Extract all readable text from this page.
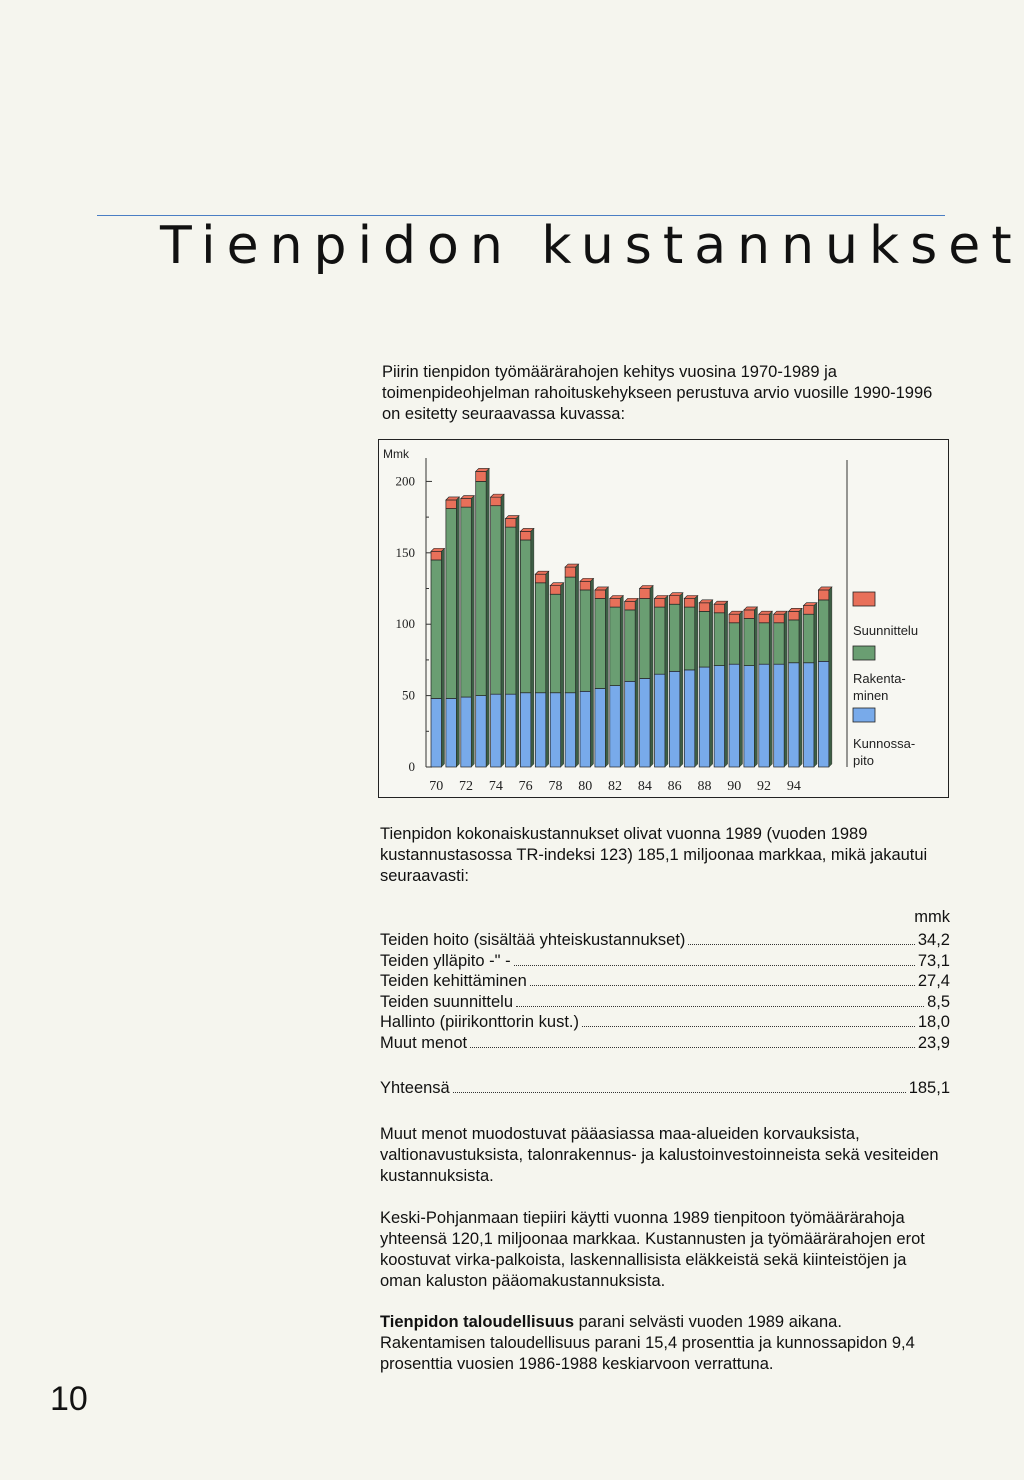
Tienpidon kustannukset

Piirin tienpidon työmäärärahojen kehitys vuosina 1970-1989 ja toimenpideohjelman rahoituskehykseen perustuva arvio vuosille 1990-1996 on esitetty seuraavassa kuvassa:

Mmk
0
50
100
150
200
70 72 74 76 78 80 82 84 86 88 90 92 94
Suunnittelu
Rakenta-
minen
Kunnossa-
pito

Tienpidon kokonaiskustannukset olivat vuonna 1989 (vuoden 1989 kustannustasossa TR-indeksi 123) 185,1 miljoonaa markkaa, mikä jakautui seuraavasti:

mmk
Teiden hoito (sisältää yhteiskustannukset)	34,2
Teiden ylläpito -" -	73,1
Teiden kehittäminen	27,4
Teiden suunnittelu	8,5
Hallinto (piirikonttorin kust.)	18,0
Muut menot	23,9
Yhteensä	185,1

Muut menot muodostuvat pääasiassa maa-alueiden korvauksista, valtionavustuksista, talonrakennus- ja kalustoinvestoinneista sekä vesiteiden kustannuksista.

Keski-Pohjanmaan tiepiiri käytti vuonna 1989 tienpitoon työmäärärahoja yhteensä 120,1 miljoonaa markkaa. Kustannusten ja työmäärärahojen erot koostuvat virka-palkoista, laskennallisista eläkkeistä sekä kiinteistöjen ja oman kaluston pääomakustannuksista.

Tienpidon taloudellisuus parani selvästi vuoden 1989 aikana. Rakentamisen taloudellisuus parani 15,4 prosenttia ja kunnossapidon 9,4 prosenttia vuosien 1986-1988 keskiarvoon verrattuna.

10
